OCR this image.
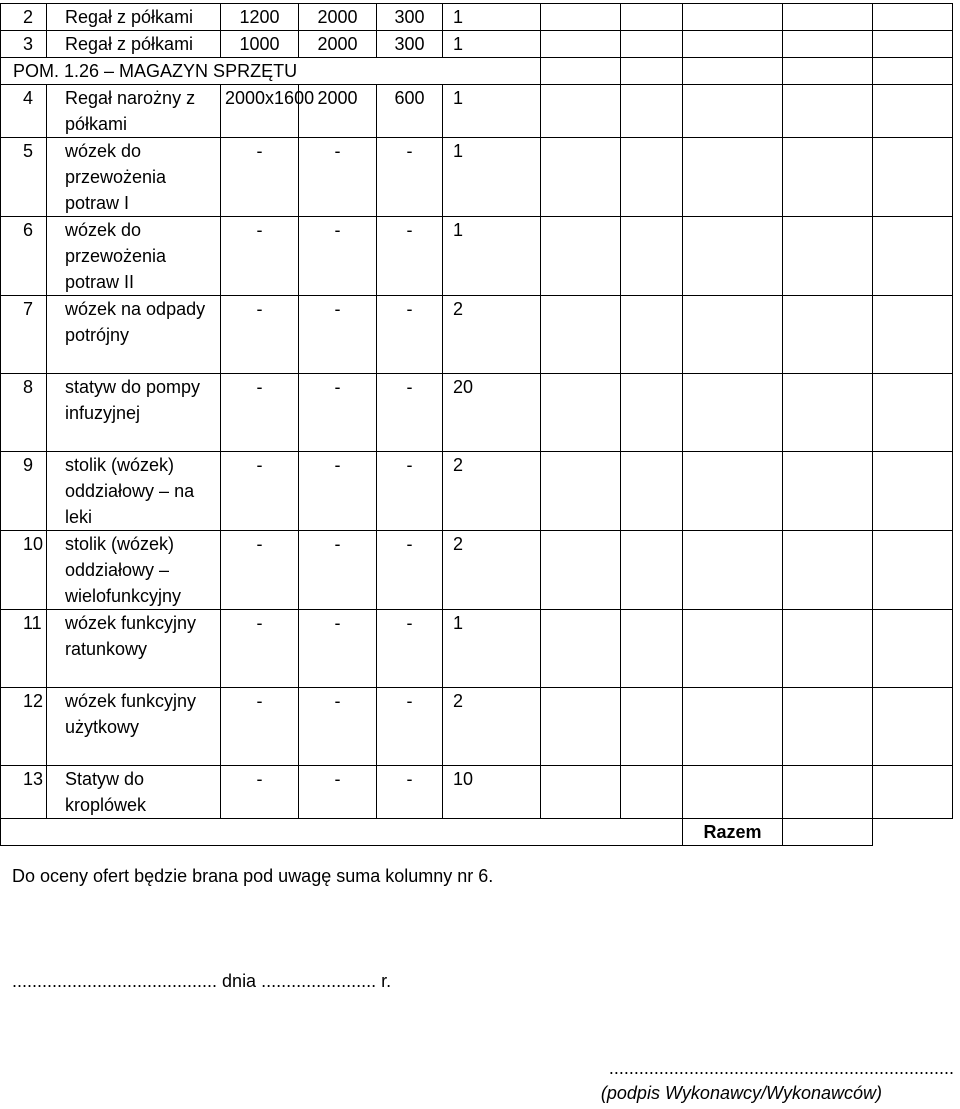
2	Regał z półkami	1200	2000	300	1					
3	Regał z półkami	1000	2000	300	1					
POM. 1.26 – MAGAZYN SPRZĘTU										
4	Regał narożny z półkami	2000x1600	2000	600	1					
5	wózek do przewożenia potraw I	-	-	-	1					
6	wózek do przewożenia potraw II	-	-	-	1					
7	wózek na odpady potrójny	-	-	-	2					
8	statyw do pompy infuzyjnej	-	-	-	20					
9	stolik (wózek) oddziałowy – na leki	-	-	-	2					
10	stolik (wózek) oddziałowy – wielofunkcyjny	-	-	-	2					
11	wózek funkcyjny ratunkowy	-	-	-	1					
12	wózek funkcyjny użytkowy	-	-	-	2					
13	Statyw do kroplówek	-	-	-	10					
								Razem		
Do oceny ofert będzie brana pod uwagę suma kolumny nr 6.
......................................... dnia ....................... r.
.....................................................................
(podpis Wykonawcy/Wykonawców)
